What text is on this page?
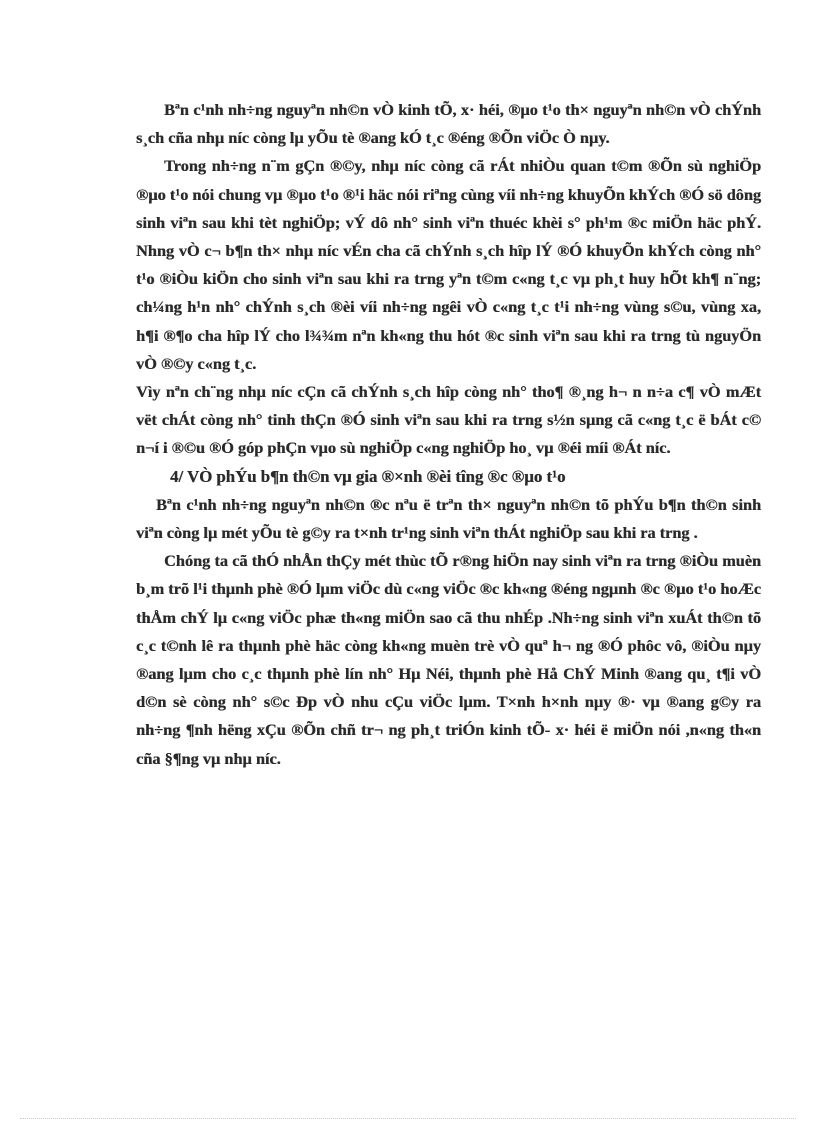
Bªn c¹nh nh÷ng nguyªn nh©n vÒ kinh tÕ, x· héi, ®µo t¹o th× nguyªn nh©n vÒ chÝnh s¸ch cña nhµ níc còng lµ yÕu tè ®ang kÓ t¸c ®éng ®Õn viÖc Ò nµy.

Trong nh÷ng n¨m gÇn ®©y, nhµ níc còng cã rÁt nhiÒu quan t©m ®Õn sù nghiÖp ®µo t¹o nói chung vµ ®µo t¹o ®¹i häc nói riªng cùng víi nh÷ng khuyÕn khÝch ®Ó sö dông sinh viªn sau khi tèt nghiÖp; vÝ dô nh° sinh viªn thuéc khèi s° ph¹m ®c miÖn häc phÝ. Nhng vÒ c¬ b¶n th× nhµ níc vÉn cha cã chÝnh s¸ch hîp lÝ ®Ó khuyÕn khÝch còng nh° t¹o ®iÒu kiÖn cho sinh viªn sau khi ra trng yªn t©m c«ng t¸c vµ ph¸t huy hÕt kh¶ n¨ng; ch¼ng h¹n nh° chÝnh s¸ch ®èi víi nh÷ng ngêi vÒ c«ng t¸c t¹i nh÷ng vùng s©u, vùng xa, h¶i ®¶o cha hîp lÝ cho l¾¾m nªn kh«ng thu hót ®c sinh viªn sau khi ra trng tù nguyÖn vÒ ®©y c«ng t¸c.

Vìy nªn ch¨ng nhµ níc cÇn cã chÝnh s¸ch hîp còng nh° tho¶ ®¸ng h¬ n n÷a c¶ vÒ mÆt vët chÁt còng nh° tinh thÇn ®Ó sinh viªn sau khi ra trng s½n sµng cã c«ng t¸c ë bÁt c© n¬í i ®©u ®Ó góp phÇn vµo sù nghiÖp c«ng nghiÖp ho¸ vµ ®éi míi ®Át níc.

4/ VÒ phÝu b¶n th©n vµ gia ®×nh ®èi tîng ®c ®µo t¹o

Bªn c¹nh nh÷ng nguyªn nh©n ®c nªu ë trªn th× nguyªn nh©n tõ phÝu b¶n th©n sinh viªn còng lµ mét yÕu tè g©y ra t×nh tr¹ng sinh viªn thÁt nghiÖp sau khi ra trng .

Chóng ta cã thÓ nhÅn thÇy mét thùc tÕ r®ng hiÖn nay sinh viªn ra trng ®iÒu muèn b¸m trõ l¹i thµnh phè ®Ó lµm viÖc dù c«ng viÖc ®c kh«ng ®éng ngµnh ®c ®µo t¹o hoÆc thÅm chÝ lµ c«ng viÖc phæ th«ng miÖn sao cã thu nhÉp .Nh÷ng sinh viªn xuÁt th©n tõ c¸c t©nh lê ra thµnh phè häc còng kh«ng muèn trè vÒ quª h¬ ng ®Ó phôc vô, ®iÒu nµy ®ang lµm cho c¸c thµnh phè lín nh° Hµ Néi, thµnh phè Hå ChÝ Minh ®ang qu¸ t¶i vÒ d©n sè còng nh° s©c Ðp vÒ nhu cÇu viÖc lµm. T×nh h×nh nµy ®· vµ ®ang g©y ra nh÷ng ¶nh hëng xÇu ®Õn chñ tr¬ ng ph¸t triÓn kinh tÕ- x· héi ë miÖn nói ,n«ng th«n cña §¶ng vµ nhµ níc.
